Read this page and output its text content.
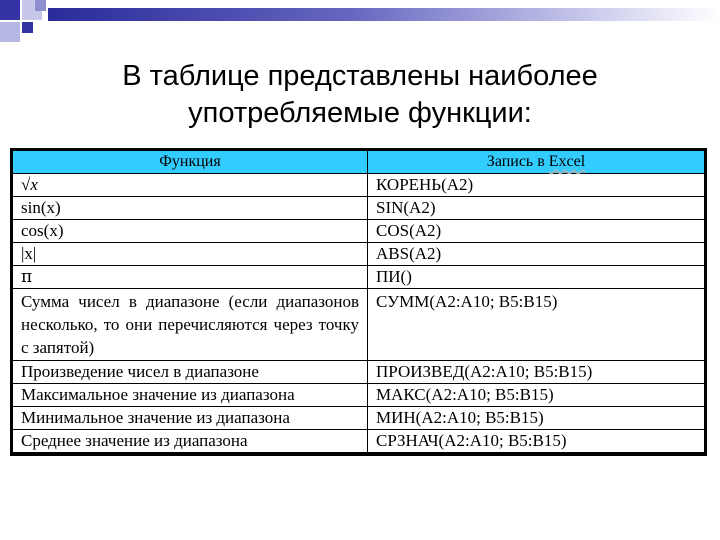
В таблице представлены наиболее употребляемые функции:
Функция	Запись в Excel
√x	КОРЕНЬ(А2)
sin(x)	SIN(A2)
cos(x)	COS(A2)
|x|	ABS(A2)
π	ПИ()
Сумма чисел в диапазоне (если диапазонов несколько, то они перечисляются через точку с запятой)	СУММ(A2:A10; B5:B15)
Произведение чисел в диапазоне	ПРОИЗВЕД(A2:A10; B5:B15)
Максимальное значение из диапазона	МАКС(A2:A10; B5:B15)
Минимальное значение из диапазона	МИН(A2:A10; B5:B15)
Среднее значение из диапазона	СРЗНАЧ(A2:A10; B5:B15)
